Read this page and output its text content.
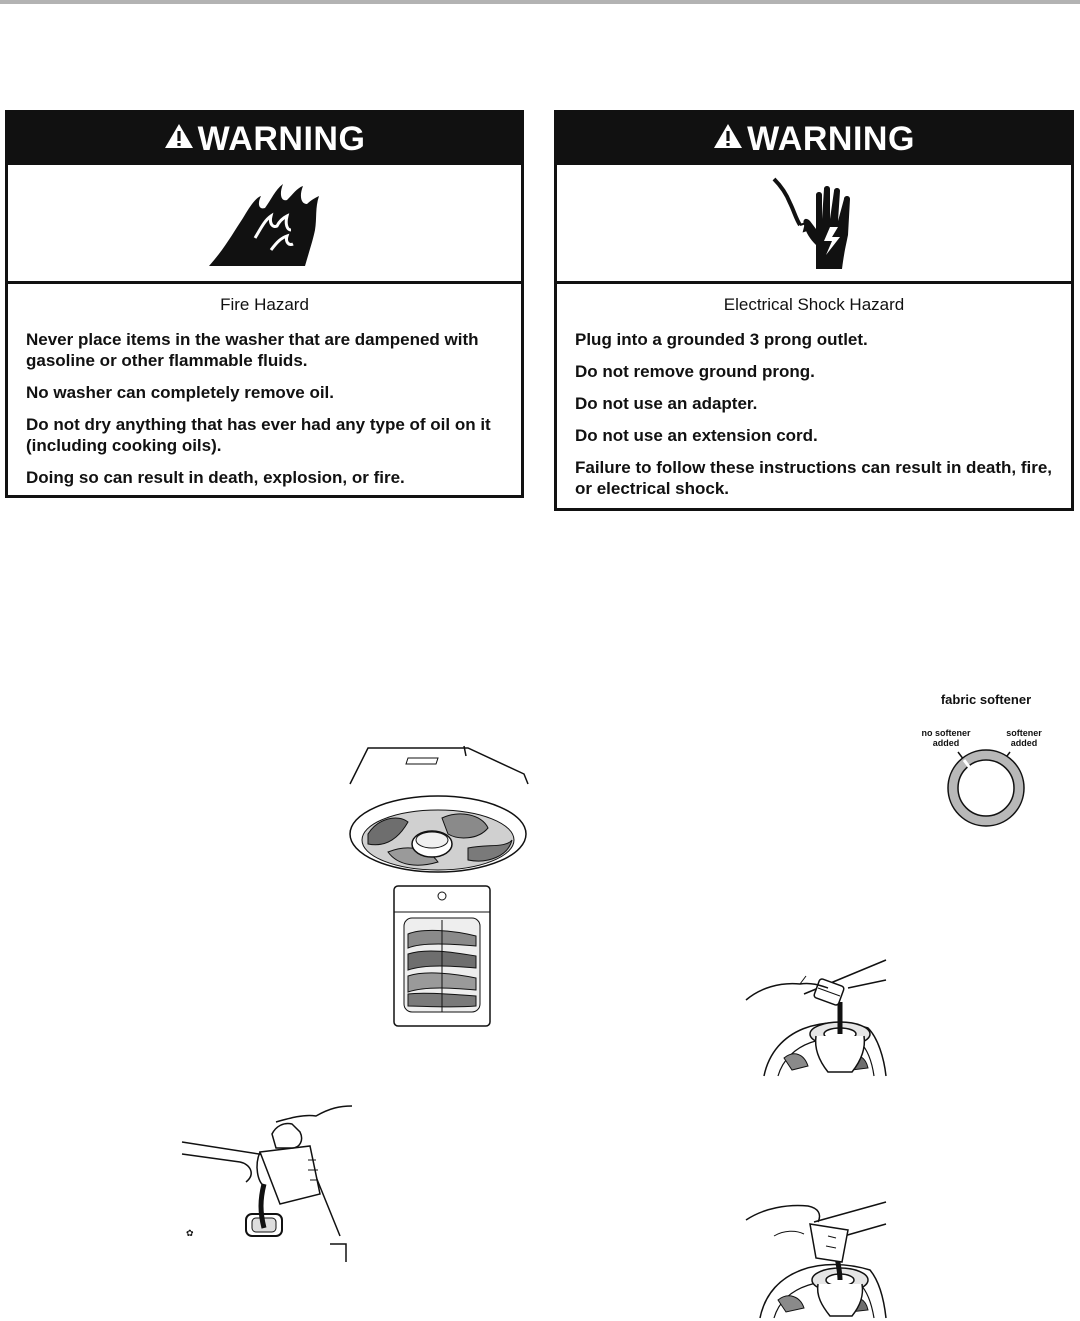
WARNING
Fire Hazard
Never place items in the washer that are dampened with gasoline or other flammable fluids.
No washer can completely remove oil.
Do not dry anything that has ever had any type of oil on it (including cooking oils).
Doing so can result in death, explosion, or fire.
WARNING
Electrical Shock Hazard
Plug into a grounded 3 prong outlet.
Do not remove ground prong.
Do not use an adapter.
Do not use an extension cord.
Failure to follow these instructions can result in death, fire, or electrical shock.
✿
fabric softener
no softener
added
softener
added
